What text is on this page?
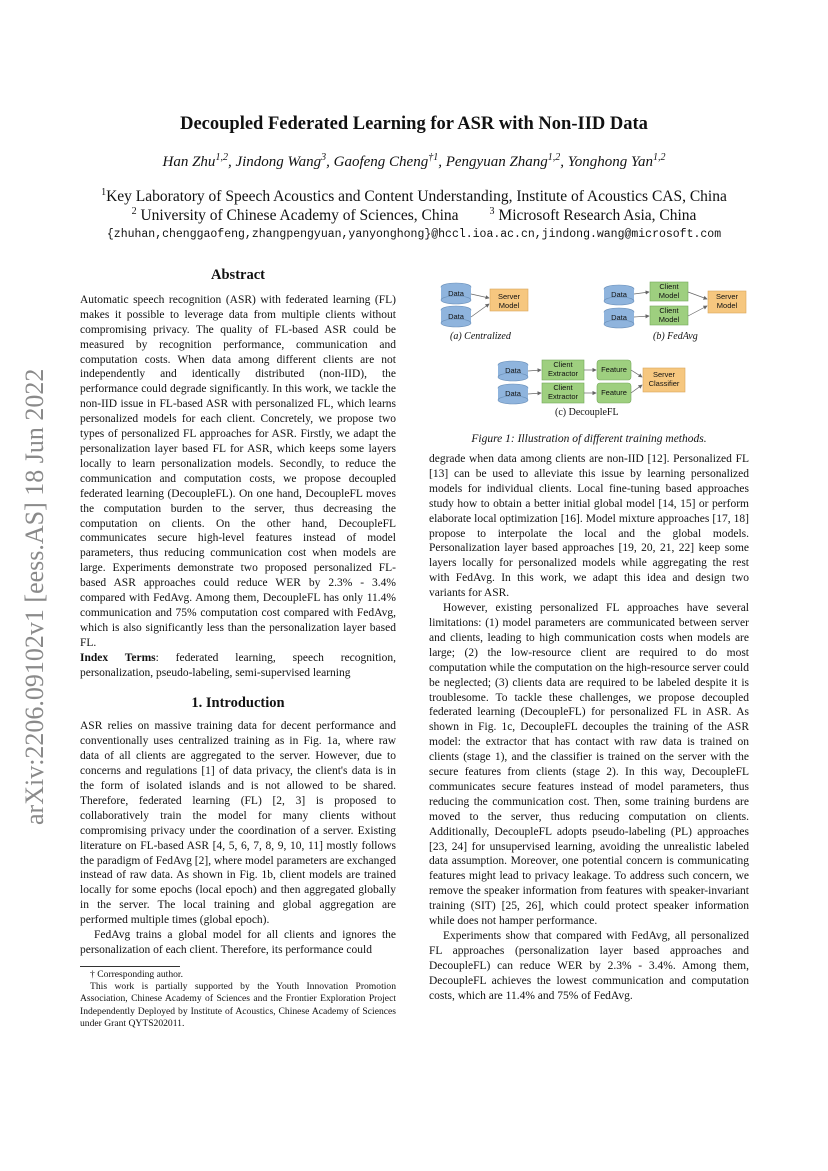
arXiv:2206.09102v1 [eess.AS] 18 Jun 2022
Decoupled Federated Learning for ASR with Non-IID Data
Han Zhu$^{1,2}$, Jindong Wang$^3$, Gaofeng Cheng$^{\dagger 1}$, Pengyuan Zhang$^{1,2}$, Yonghong Yan$^{1,2}$
$^1$Key Laboratory of Speech Acoustics and Content Understanding, Institute of Acoustics CAS, China
$^2$ University of Chinese Academy of Sciences, China        $^3$ Microsoft Research Asia, China
{zhuhan,chenggaofeng,zhangpengyuan,yanyonghong}@hccl.ioa.ac.cn,jindong.wang@microsoft.com
Abstract

Automatic speech recognition (ASR) with federated learning (FL) makes it possible to leverage data from multiple clients without compromising privacy. The quality of FL-based ASR could be measured by recognition performance, communication and computation costs. When data among different clients are not independently and identically distributed (non-IID), the performance could degrade significantly. In this work, we tackle the non-IID issue in FL-based ASR with personalized FL, which learns personalized models for each client. Concretely, we propose two types of personalized FL approaches for ASR. Firstly, we adapt the personalization layer based FL for ASR, which keeps some layers locally to learn personalization models. Secondly, to reduce the communication and computation costs, we propose decoupled federated learning (DecoupleFL). On one hand, DecoupleFL moves the computation burden to the server, thus decreasing the computation on clients. On the other hand, DecoupleFL communicates secure high-level features instead of model parameters, thus reducing communication cost when models are large. Experiments demonstrate two proposed personalized FL-based ASR approaches could reduce WER by 2.3% - 3.4% compared with FedAvg. Among them, DecoupleFL has only 11.4% communication and 75% computation cost compared with FedAvg, which is also significantly less than the personalization layer based FL.

Index Terms: federated learning, speech recognition, personalization, pseudo-labeling, semi-supervised learning

1. Introduction

ASR relies on massive training data for decent performance and conventionally uses centralized training as in Fig. 1a, where raw data of all clients are aggregated to the server. However, due to concerns and regulations [1] of data privacy, the client's data is in the form of isolated islands and is not allowed to be shared. Therefore, federated learning (FL) [2, 3] is proposed to collaboratively train the model for many clients without compromising privacy under the coordination of a server. Existing literature on FL-based ASR [4, 5, 6, 7, 8, 9, 10, 11] mostly follows the paradigm of FedAvg [2], where model parameters are exchanged instead of raw data. As shown in Fig. 1b, client models are trained locally for some epochs (local epoch) and then aggregated globally in the server. The local training and global aggregation are performed multiple times (global epoch).

FedAvg trains a global model for all clients and ignores the personalization of each client. Therefore, its performance could

† Corresponding author.

This work is partially supported by the Youth Innovation Promotion Association, Chinese Academy of Sciences and the Frontier Exploration Project Independently Deployed by Institute of Acoustics, Chinese Academy of Sciences under Grant QYTS202011.

Data
Data
Server Model
(a) Centralized
Data
Data
Client Model
Client Model
Server Model
(b) FedAvg
Data
Data
Client Extractor
Client Extractor
Feature
Feature
Server Classifier
(c) DecoupleFL
Figure 1: Illustration of different training methods.

degrade when data among clients are non-IID [12]. Personalized FL [13] can be used to alleviate this issue by learning personalized models for individual clients. Local fine-tuning based approaches study how to obtain a better initial global model [14, 15] or perform elaborate local optimization [16]. Model mixture approaches [17, 18] propose to interpolate the local and the global models. Personalization layer based approaches [19, 20, 21, 22] keep some layers locally for personalized models while aggregating the rest with FedAvg. In this work, we adapt this idea and design two variants for ASR.

However, existing personalized FL approaches have several limitations: (1) model parameters are communicated between server and clients, leading to high communication costs when models are large; (2) the low-resource client are required to do most computation while the computation on the high-resource server could be neglected; (3) clients data are required to be labeled despite it is troublesome. To tackle these challenges, we propose decoupled federated learning (DecoupleFL) for personalized FL in ASR. As shown in Fig. 1c, DecoupleFL decouples the training of the ASR model: the extractor that has contact with raw data is trained on clients (stage 1), and the classifier is trained on the server with the secure features from clients (stage 2). In this way, DecoupleFL communicates secure features instead of model parameters, thus reducing the communication cost. Then, some training burdens are moved to the server, thus reducing computation on clients. Additionally, DecoupleFL adopts pseudo-labeling (PL) approaches [23, 24] for unsupervised learning, avoiding the unrealistic labeled data assumption. Moreover, one potential concern is communicating features might lead to privacy leakage. To address such concern, we remove the speaker information from features with speaker-invariant training (SIT) [25, 26], which could protect speaker information while does not hamper performance.

Experiments show that compared with FedAvg, all personalized FL approaches (personalization layer based approaches and DecoupleFL) can reduce WER by 2.3% - 3.4%. Among them, DecoupleFL achieves the lowest communication and computation costs, which are 11.4% and 75% of FedAvg.
